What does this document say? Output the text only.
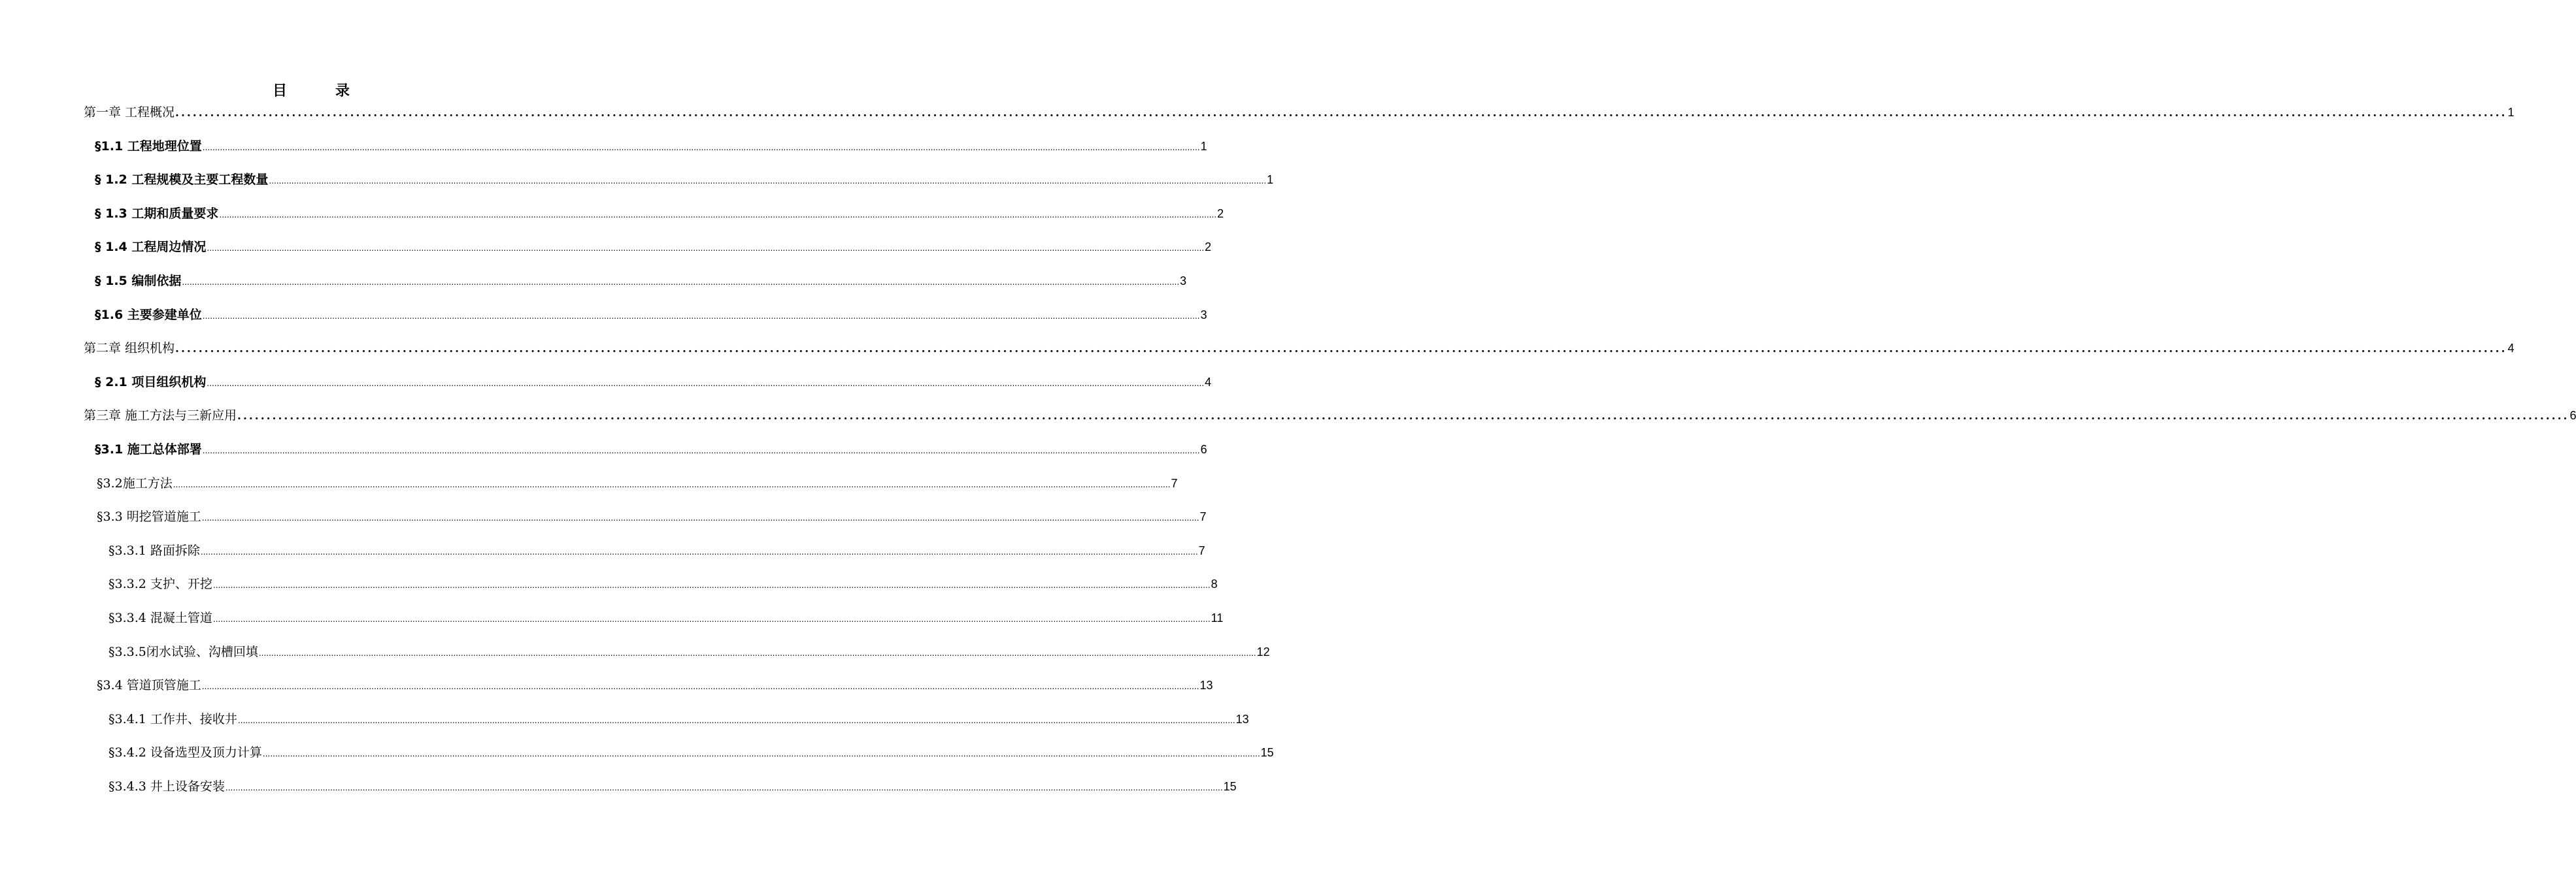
目　录
第一章 工程概况 ................................................................................................................................................................................................................................................................................................................................................................................................................ 1
§1.1 工程地理位置 ................................................................................................................................................................................................................................................................................................................................................................................................................ 1
§ 1.2 工程规模及主要工程数量 ................................................................................................................................................................................................................................................................................................................................................................................................................ 1
§ 1.3 工期和质量要求 ................................................................................................................................................................................................................................................................................................................................................................................................................ 2
§ 1.4 工程周边情况 ................................................................................................................................................................................................................................................................................................................................................................................................................ 2
§ 1.5 编制依据 ................................................................................................................................................................................................................................................................................................................................................................................................................ 3
§1.6 主要参建单位 ................................................................................................................................................................................................................................................................................................................................................................................................................ 3
第二章 组织机构 ................................................................................................................................................................................................................................................................................................................................................................................................................ 4
§ 2.1 项目组织机构 ................................................................................................................................................................................................................................................................................................................................................................................................................ 4
第三章 施工方法与三新应用 ................................................................................................................................................................................................................................................................................................................................................................................................................ 6
§3.1 施工总体部署 ................................................................................................................................................................................................................................................................................................................................................................................................................ 6
§3.2施工方法 ................................................................................................................................................................................................................................................................................................................................................................................................................ 7
§3.3 明挖管道施工 ................................................................................................................................................................................................................................................................................................................................................................................................................ 7
§3.3.1 路面拆除 ................................................................................................................................................................................................................................................................................................................................................................................................................ 7
§3.3.2 支护、开挖 ................................................................................................................................................................................................................................................................................................................................................................................................................ 8
§3.3.4 混凝土管道 ................................................................................................................................................................................................................................................................................................................................................................................................................ 11
§3.3.5闭水试验、沟槽回填 ................................................................................................................................................................................................................................................................................................................................................................................................................ 12
§3.4 管道顶管施工 ................................................................................................................................................................................................................................................................................................................................................................................................................ 13
§3.4.1 工作井、接收井 ................................................................................................................................................................................................................................................................................................................................................................................................................ 13
§3.4.2 设备选型及顶力计算 ................................................................................................................................................................................................................................................................................................................................................................................................................ 15
§3.4.3 井上设备安装 ................................................................................................................................................................................................................................................................................................................................................................................................................ 15
